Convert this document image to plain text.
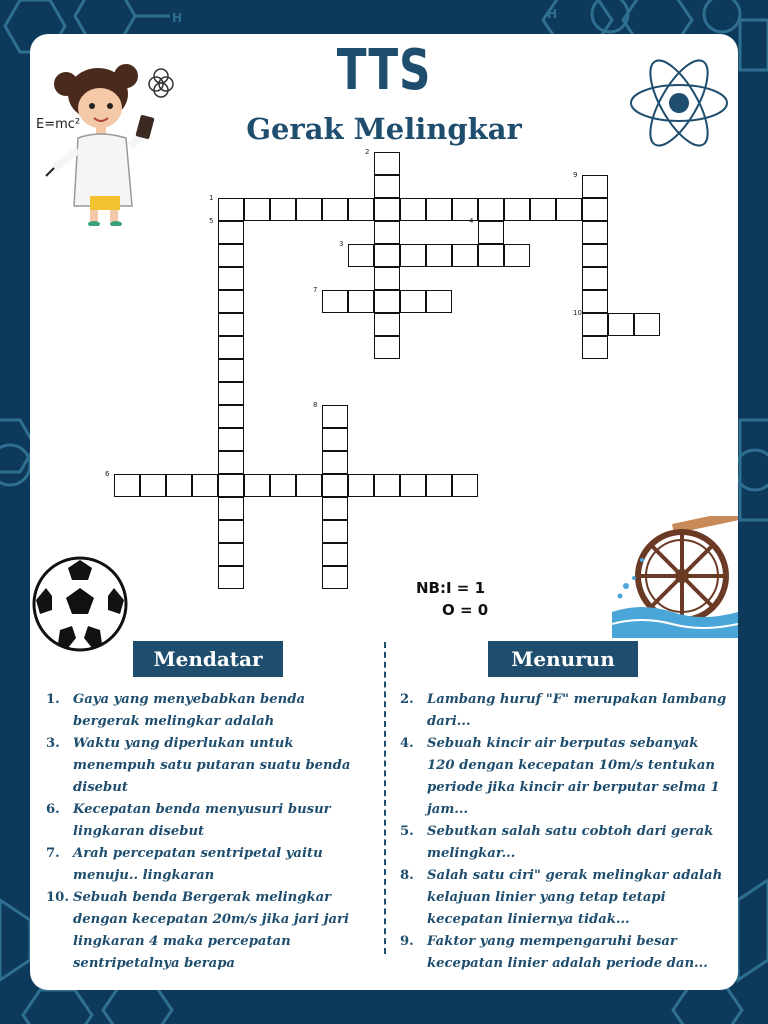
H	H
TTS
Gerak Melingkar
E=mc²
1
2
3
4
5
6
7
8
9
10
NB:I = 1
O = 0
Mendatar	Menurun
1.	Gaya yang menyebabkan benda bergerak melingkar adalah
3.	Waktu yang diperlukan untuk menempuh satu putaran suatu benda disebut
6.	Kecepatan benda menyusuri busur lingkaran disebut
7.	Arah percepatan sentripetal yaitu menuju.. lingkaran
10. Sebuah benda Bergerak melingkar dengan kecepatan 20m/s jika jari jari lingkaran 4 maka percepatan sentripetalnya berapa
2.	Lambang huruf "F" merupakan lambang dari...
4.	Sebuah kincir air berputas sebanyak 120 dengan kecepatan 10m/s tentukan periode jika kincir air berputar selma 1 jam...
5.	Sebutkan salah satu cobtoh dari gerak melingkar...
8.	Salah satu ciri" gerak melingkar adalah kelajuan linier yang tetap tetapi kecepatan liniernya tidak...
9.	Faktor yang mempengaruhi besar kecepatan linier adalah periode dan...
